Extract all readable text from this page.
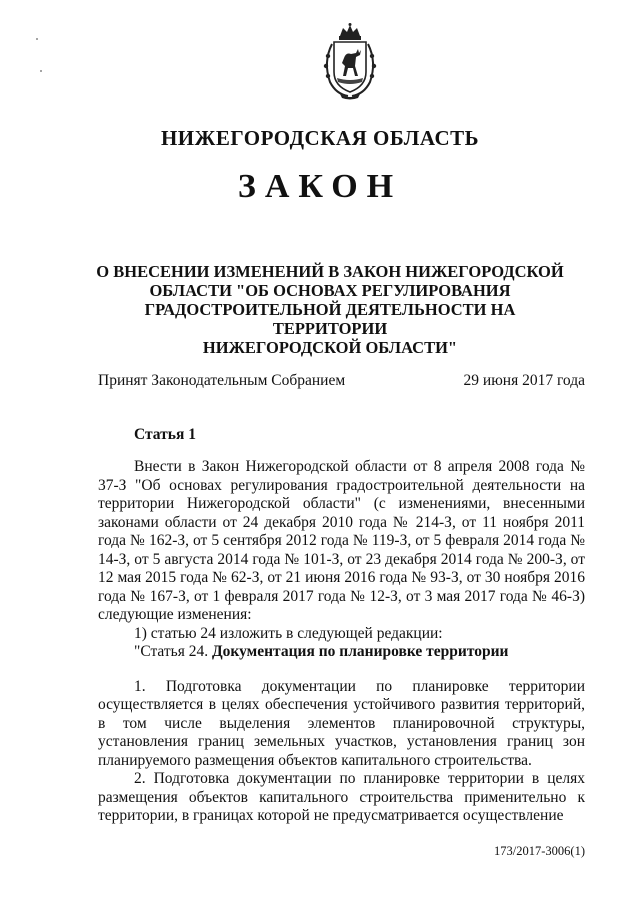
НИЖЕГОРОДСКАЯ ОБЛАСТЬ
ЗАКОН
О ВНЕСЕНИИ ИЗМЕНЕНИЙ В ЗАКОН НИЖЕГОРОДСКОЙ
ОБЛАСТИ "ОБ ОСНОВАХ РЕГУЛИРОВАНИЯ
ГРАДОСТРОИТЕЛЬНОЙ ДЕЯТЕЛЬНОСТИ НА ТЕРРИТОРИИ
НИЖЕГОРОДСКОЙ ОБЛАСТИ"
Принят Законодательным Собранием	29 июня 2017 года
Статья 1

Внести в Закон Нижегородской области от 8 апреля 2008 года № 37-З "Об основах регулирования градостроительной деятельности на территории Нижегородской области" (с изменениями, внесенными законами области от 24 декабря 2010 года № 214-З, от 11 ноября 2011 года № 162-З, от 5 сентября 2012 года № 119-З, от 5 февраля 2014 года № 14-З, от 5 августа 2014 года № 101-З, от 23 декабря 2014 года № 200-З, от 12 мая 2015 года № 62-З, от 21 июня 2016 года № 93-З, от 30 ноября 2016 года № 167-З, от 1 февраля 2017 года № 12-З, от 3 мая 2017 года № 46-З) следующие изменения:

1) статью 24 изложить в следующей редакции:

"Статья 24. Документация по планировке территории

1. Подготовка документации по планировке территории осуществляется в целях обеспечения устойчивого развития территорий, в том числе выделения элементов планировочной структуры, установления границ земельных участков, установления границ зон планируемого размещения объектов капитального строительства.

2. Подготовка документации по планировке территории в целях размещения объектов капитального строительства применительно к территории, в границах которой не предусматривается осуществление

173/2017-3006(1)
